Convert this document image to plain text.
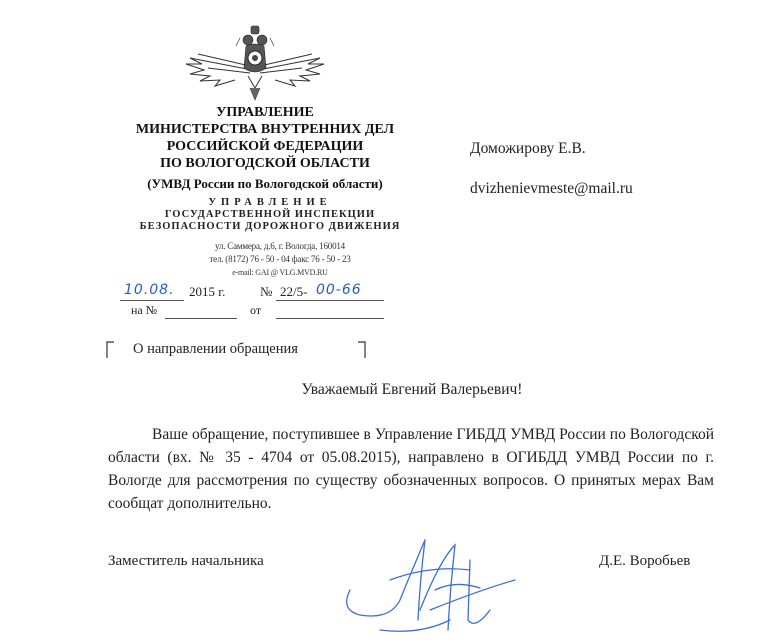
УПРАВЛЕНИЕ
МИНИСТЕРСТВА ВНУТРЕННИХ ДЕЛ
РОССИЙСКОЙ ФЕДЕРАЦИИ
ПО ВОЛОГОДСКОЙ ОБЛАСТИ
(УМВД России по Вологодской области)
УПРАВЛЕНИЕ
ГОСУДАРСТВЕННОЙ ИНСПЕКЦИИ
БЕЗОПАСНОСТИ ДОРОЖНОГО ДВИЖЕНИЯ
ул. Саммера, д.6, г. Вологда, 160014
тел. (8172) 76 - 50 - 04 факс 76 - 50 - 23
e-mail: GAI @ VLG.MVD.RU
10.08. 2015 г.	№ 22/5- 00-66
на №	от
Доможирову Е.В.
dvizhenievmeste@mail.ru
О направлении обращения
Уважаемый Евгений Валерьевич!
Ваше обращение, поступившее в Управление ГИБДД УМВД России по Вологодской области (вх. № 35 - 4704 от 05.08.2015), направлено в ОГИБДД УМВД России по г. Вологде для рассмотрения по существу обозначенных вопросов. О принятых мерах Вам сообщат дополнительно.
Заместитель начальника	Д.Е. Воробьев
